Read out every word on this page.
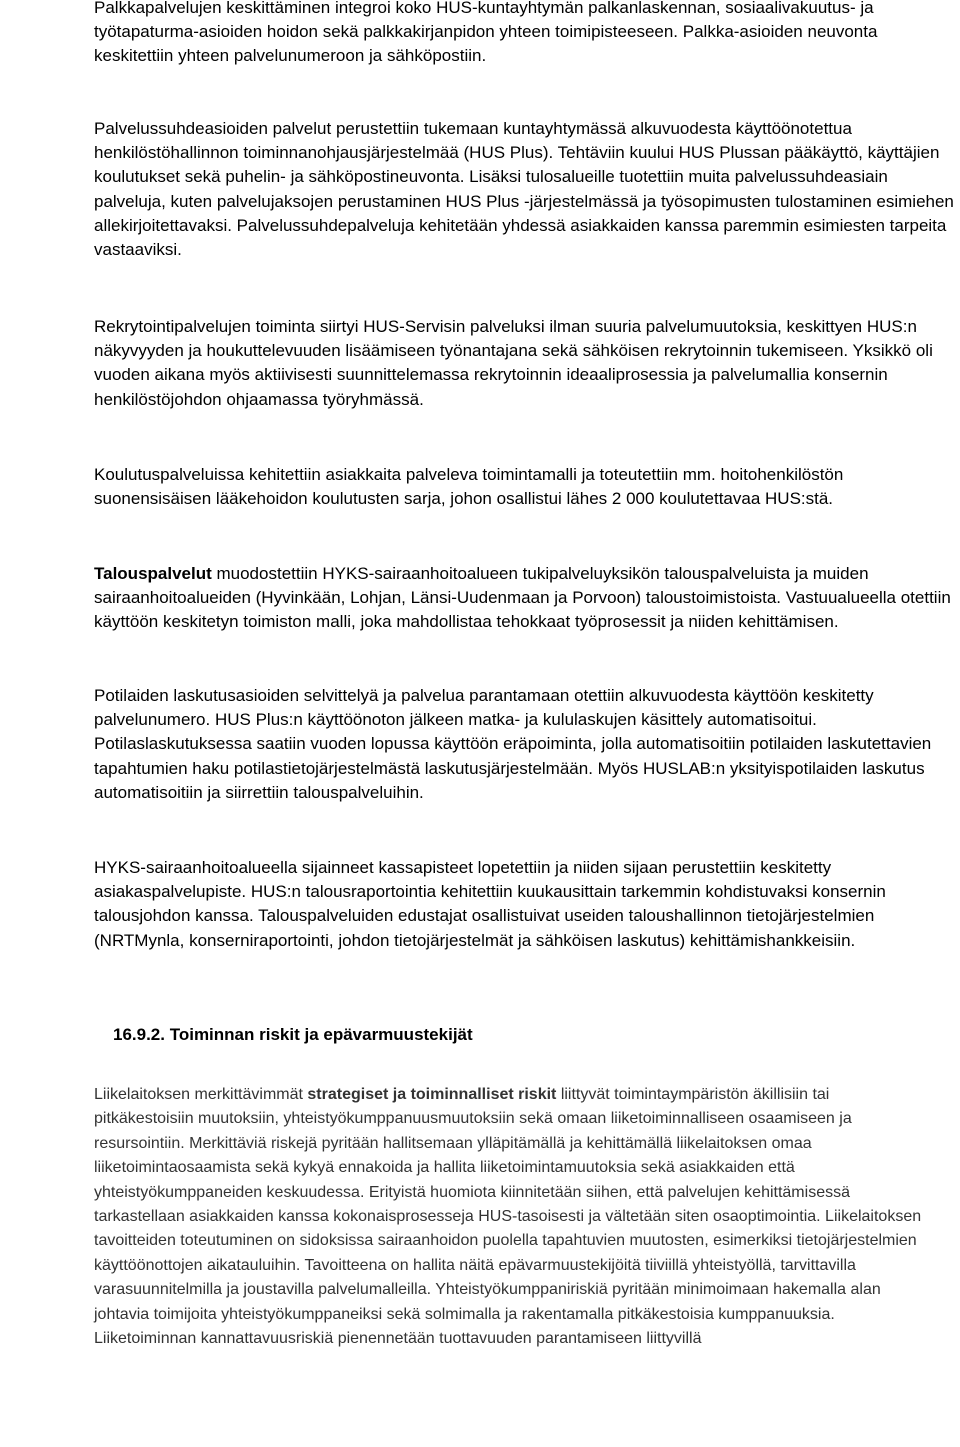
Palkkapalvelujen keskittäminen integroi koko HUS-kuntayhtymän palkanlaskennan, sosiaalivakuutus- ja työtapaturma-asioiden hoidon sekä palkkakirjanpidon yhteen toimipisteeseen. Palkka-asioiden neuvonta keskitettiin yhteen palvelunumeroon ja sähköpostiin.

Palvelussuhdeasioiden palvelut perustettiin tukemaan kuntayhtymässä alkuvuodesta käyttöönotettua henkilöstöhallinnon toiminnanohjausjärjestelmää (HUS Plus). Tehtäviin kuului HUS Plussan pääkäyttö, käyttäjien koulutukset sekä puhelin- ja sähköpostineuvonta. Lisäksi tulosalueille tuotettiin muita palvelussuhdeasiain palveluja, kuten palvelujaksojen perustaminen HUS Plus -järjestelmässä ja työsopimusten tulostaminen esimiehen allekirjoitettavaksi. Palvelussuhdepalveluja kehitetään yhdessä asiakkaiden kanssa paremmin esimiesten tarpeita vastaaviksi.

Rekrytointipalvelujen toiminta siirtyi HUS-Servisin palveluksi ilman suuria palvelumuutoksia, keskittyen HUS:n näkyvyyden ja houkuttelevuuden lisäämiseen työnantajana sekä sähköisen rekrytoinnin tukemiseen. Yksikkö oli vuoden aikana myös aktiivisesti suunnittelemassa rekrytoinnin ideaaliprosessia ja palvelumallia konsernin henkilöstöjohdon ohjaamassa työryhmässä.

Koulutuspalveluissa kehitettiin asiakkaita palveleva toimintamalli ja toteutettiin mm. hoitohenkilöstön suonensisäisen lääkehoidon koulutusten sarja, johon osallistui lähes 2 000 koulutettavaa HUS:stä.

Talouspalvelut muodostettiin HYKS-sairaanhoitoalueen tukipalveluyksikön talouspalveluista ja muiden sairaanhoitoalueiden (Hyvinkään, Lohjan, Länsi-Uudenmaan ja Porvoon) taloustoimistoista. Vastuualueella otettiin käyttöön keskitetyn toimiston malli, joka mahdollistaa tehokkaat työprosessit ja niiden kehittämisen.

Potilaiden laskutusasioiden selvittelyä ja palvelua parantamaan otettiin alkuvuodesta käyttöön keskitetty palvelunumero. HUS Plus:n käyttöönoton jälkeen matka- ja kululaskujen käsittely automatisoitui. Potilaslaskutuksessa saatiin vuoden lopussa käyttöön eräpoiminta, jolla automatisoitiin potilaiden laskutettavien tapahtumien haku potilastietojärjestelmästä laskutusjärjestelmään. Myös HUSLAB:n yksityispotilaiden laskutus automatisoitiin ja siirrettiin talouspalveluihin.

HYKS-sairaanhoitoalueella sijainneet kassapisteet lopetettiin ja niiden sijaan perustettiin keskitetty asiakaspalvelupiste. HUS:n talousraportointia kehitettiin kuukausittain tarkemmin kohdistuvaksi konsernin talousjohdon kanssa. Talouspalveluiden edustajat osallistuivat useiden taloushallinnon tietojärjestelmien (NRTMynla, konserniraportointi, johdon tietojärjestelmät ja sähköisen laskutus) kehittämishankkeisiin.

16.9.2. Toiminnan riskit ja epävarmuustekijät

Liikelaitoksen merkittävimmät strategiset ja toiminnalliset riskit liittyvät toimintaympäristön äkillisiin tai pitkäkestoisiin muutoksiin, yhteistyökumppanuusmuutoksiin sekä omaan liiketoiminnalliseen osaamiseen ja resursointiin. Merkittäviä riskejä pyritään hallitsemaan ylläpitämällä ja kehittämällä liikelaitoksen omaa liiketoimintaosaamista sekä kykyä ennakoida ja hallita liiketoimintamuutoksia sekä asiakkaiden että yhteistyökumppaneiden keskuudessa. Erityistä huomiota kiinnitetään siihen, että palvelujen kehittämisessä tarkastellaan asiakkaiden kanssa kokonaisprosesseja HUS-tasoisesti ja vältetään siten osaoptimointia. Liikelaitoksen tavoitteiden toteutuminen on sidoksissa sairaanhoidon puolella tapahtuvien muutosten, esimerkiksi tietojärjestelmien käyttöönottojen aikatauluihin. Tavoitteena on hallita näitä epävarmuustekijöitä tiiviillä yhteistyöllä, tarvittavilla varasuunnitelmilla ja joustavilla palvelumalleilla. Yhteistyökumppaniriskiä pyritään minimoimaan hakemalla alan johtavia toimijoita yhteistyökumppaneiksi sekä solmimalla ja rakentamalla pitkäkestoisia kumppanuuksia. Liiketoiminnan kannattavuusriskiä pienennetään tuottavuuden parantamiseen liittyvillä
